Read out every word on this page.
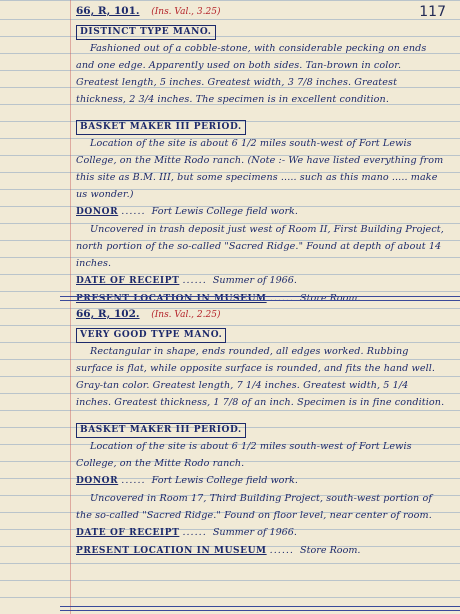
117
66, R, 101. (Ins. Val., 3.25)
DISTINCT TYPE MANO.

Fashioned out of a cobble-stone, with considerable pecking on ends and one edge. Apparently used on both sides. Tan-brown in color. Greatest length, 5 inches. Greatest width, 3 7/8 inches. Greatest thickness, 2 3/4 inches. The specimen is in excellent condition.

BASKET MAKER III PERIOD.

Location of the site is about 6 1/2 miles south-west of Fort Lewis College, on the Mitte Rodo ranch. (Note :- We have listed everything from this site as B.M. III, but some specimens ..... such as this mano ..... make us wonder.)

DONOR ...... Fort Lewis College field work.

Uncovered in trash deposit just west of Room II, First Building Project, north portion of the so-called "Sacred Ridge." Found at depth of about 14 inches.

DATE OF RECEIPT ...... Summer of 1966.

PRESENT LOCATION IN MUSEUM ...... Store Room.

66, R, 102. (Ins. Val., 2.25)
VERY GOOD TYPE MANO.

Rectangular in shape, ends rounded, all edges worked. Rubbing surface is flat, while opposite surface is rounded, and fits the hand well. Gray-tan color. Greatest length, 7 1/4 inches. Greatest width, 5 1/4 inches. Greatest thickness, 1 7/8 of an inch. Specimen is in fine condition.

BASKET MAKER III PERIOD.

Location of the site is about 6 1/2 miles south-west of Fort Lewis College, on the Mitte Rodo ranch.

DONOR ...... Fort Lewis College field work.

Uncovered in Room 17, Third Building Project, south-west portion of the so-called "Sacred Ridge." Found on floor level, near center of room.

DATE OF RECEIPT ...... Summer of 1966.

PRESENT LOCATION IN MUSEUM ...... Store Room.
